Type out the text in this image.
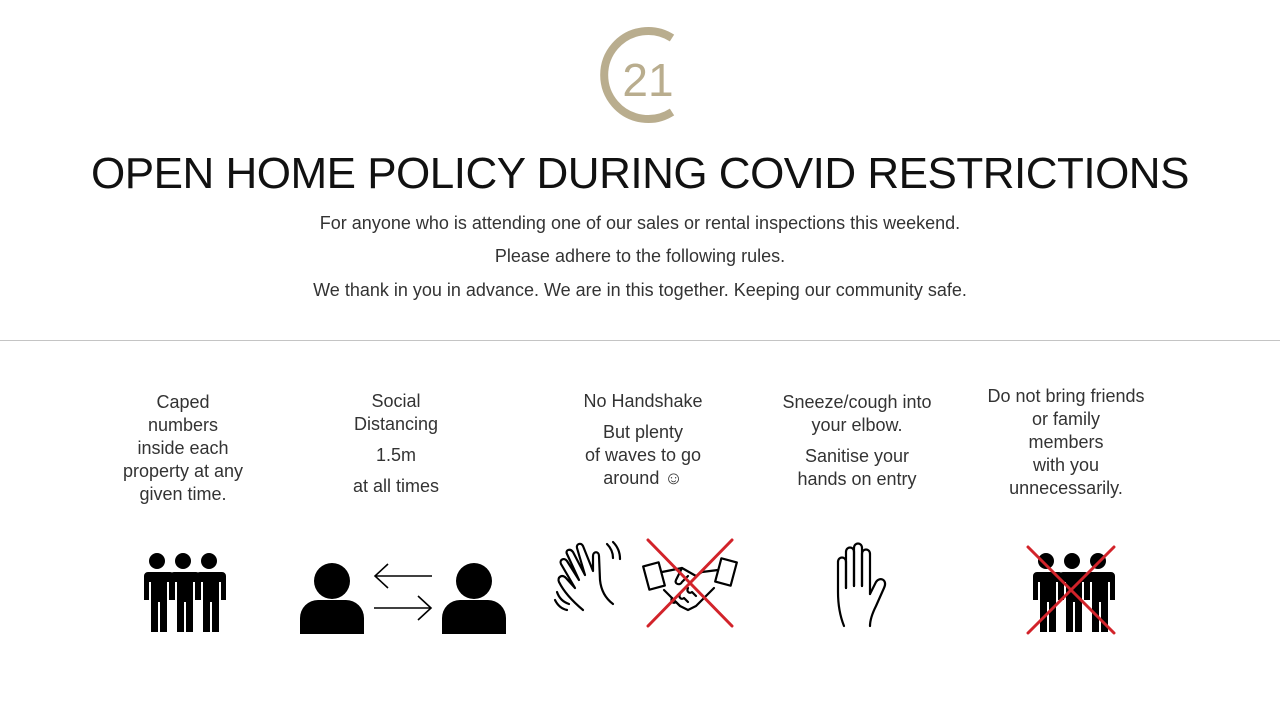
21
OPEN HOME POLICY DURING COVID RESTRICTIONS
For anyone who is attending one of our sales or rental inspections this weekend.
Please adhere to the following rules.
We thank in you in advance. We are in this together. Keeping our community safe.

Caped
numbers
inside each
property at any
given time.

Social
Distancing

1.5m

at all times

No Handshake

But plenty
of waves to go
around ☺

Sneeze/cough into
your elbow.

Sanitise your
hands on entry

Do not bring friends
or family
members
with you
unnecessarily.
